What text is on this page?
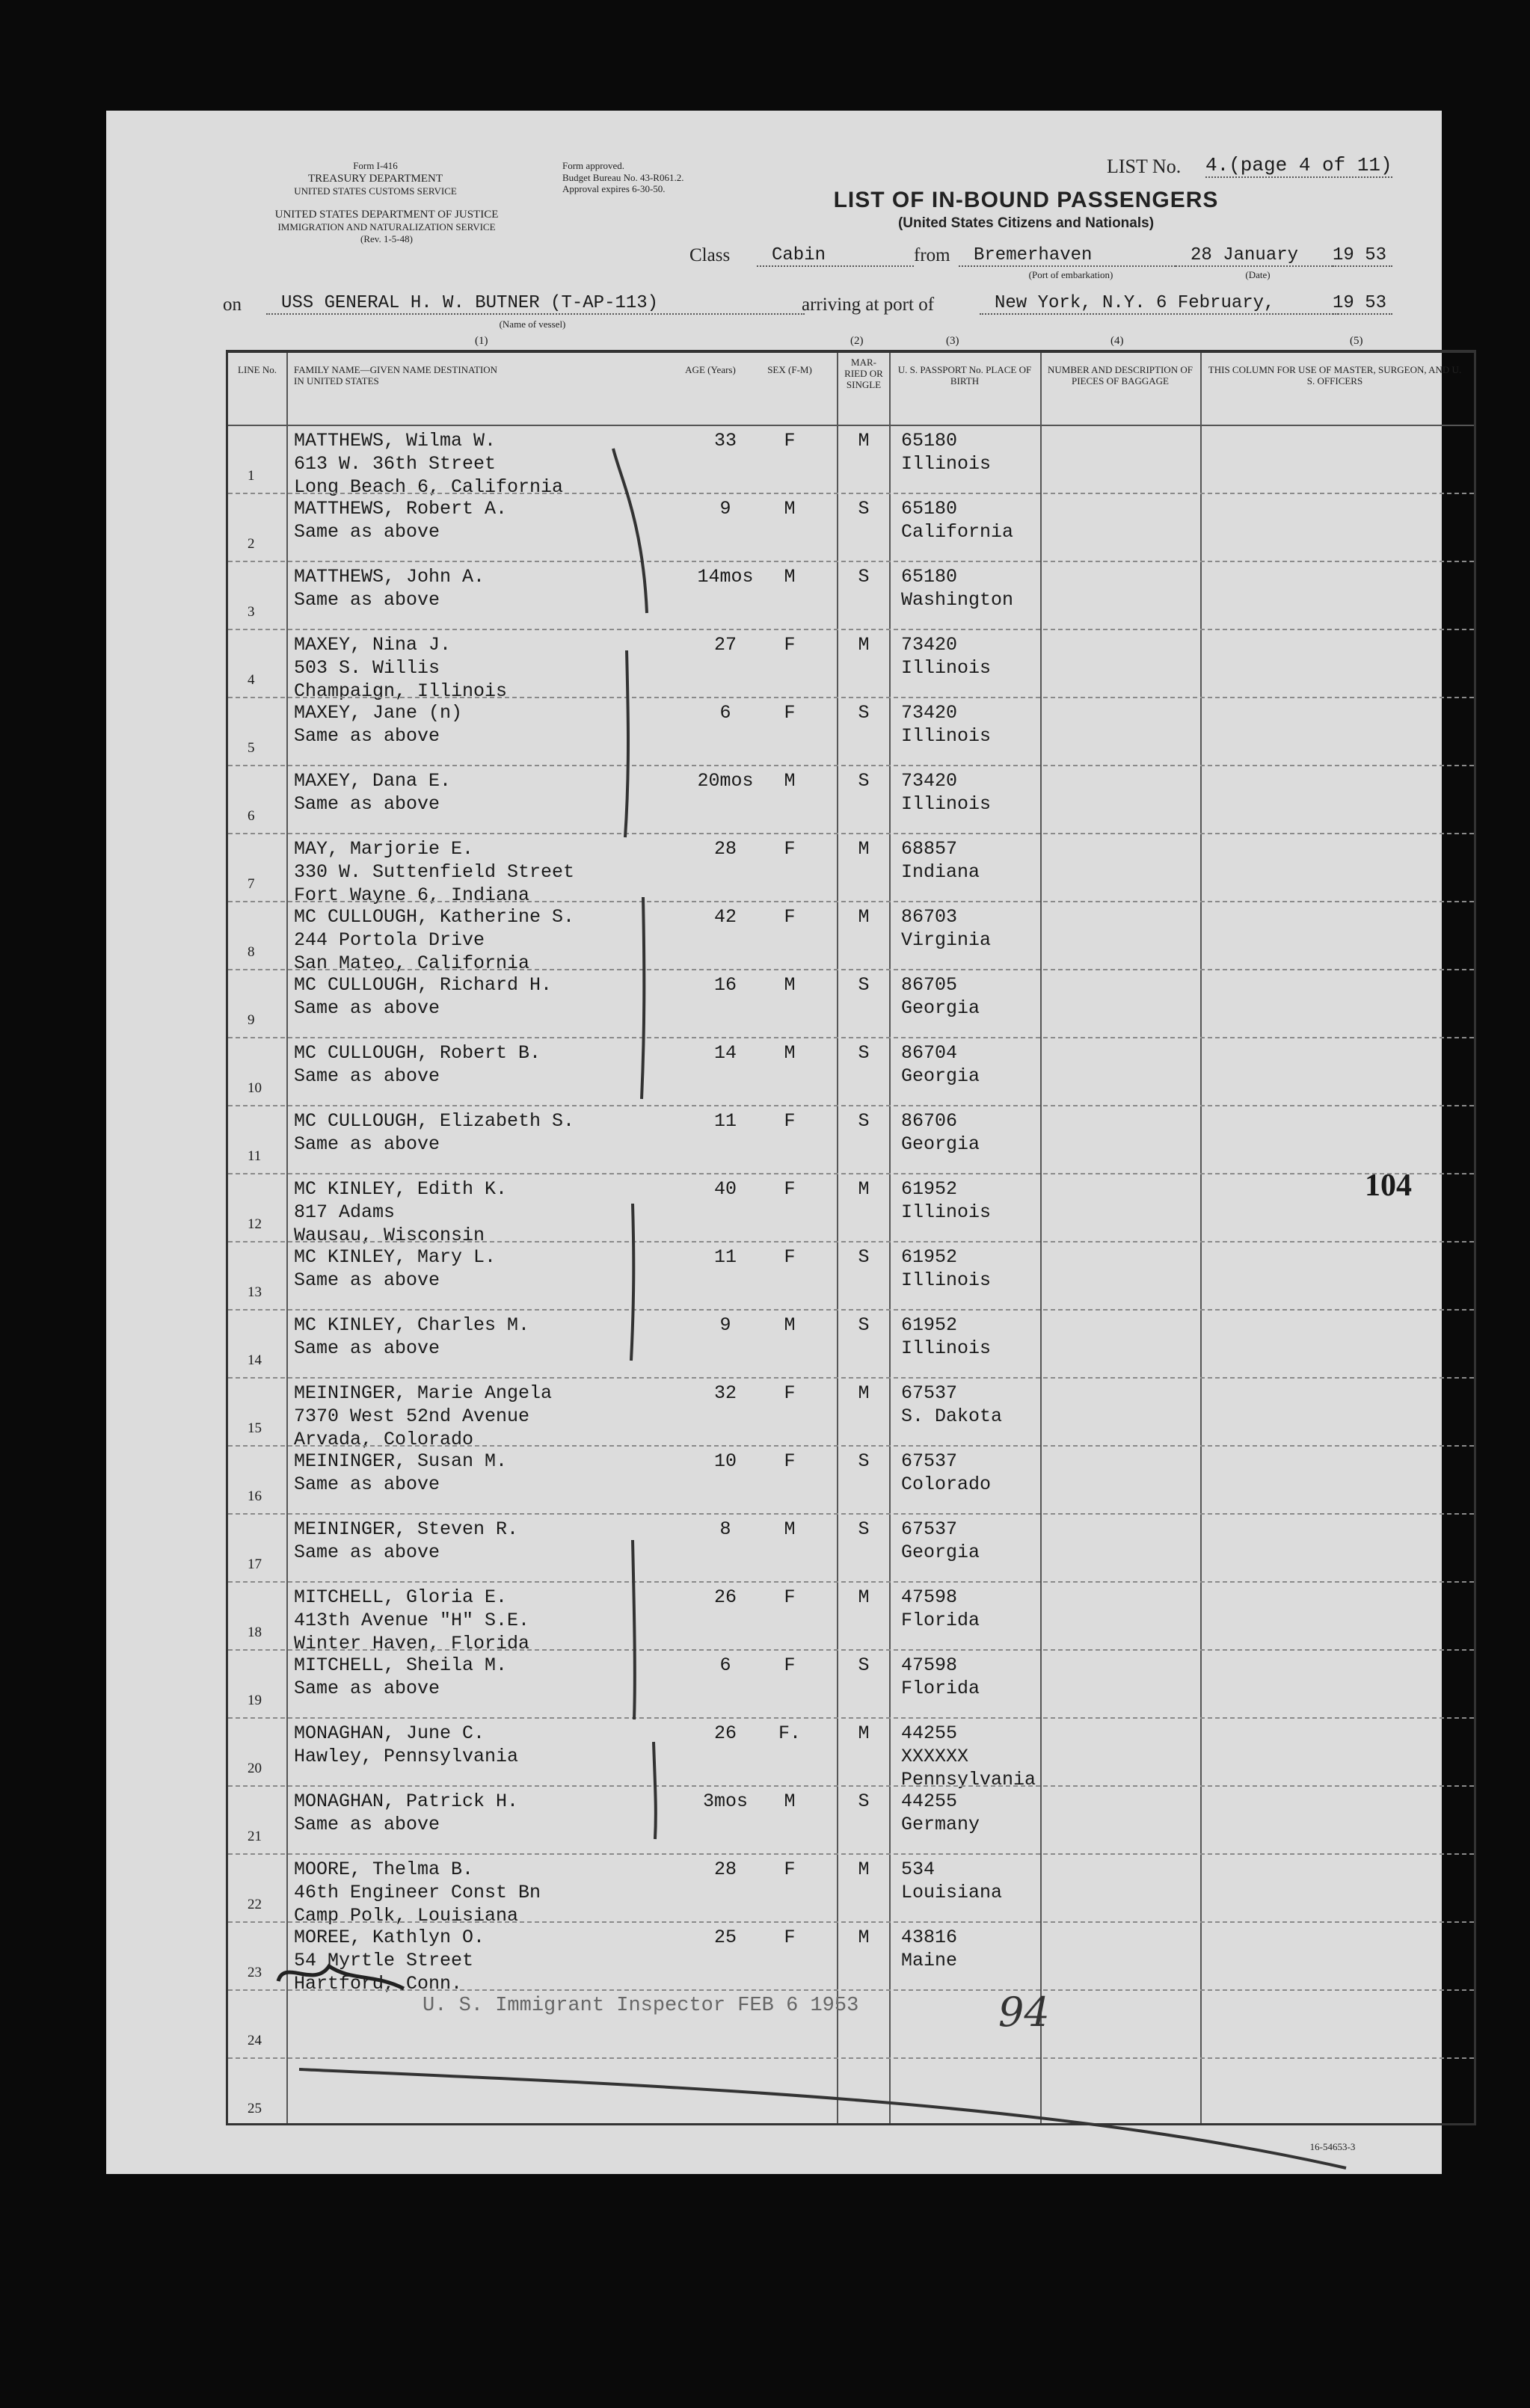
Form I-416
TREASURY DEPARTMENT
UNITED STATES CUSTOMS SERVICE
UNITED STATES DEPARTMENT OF JUSTICE
IMMIGRATION AND NATURALIZATION SERVICE
(Rev. 1-5-48)
Form approved.
Budget Bureau No. 43-R061.2.
Approval expires 6-30-50.
LIST No. 4.(page 4 of 11)
LIST OF IN-BOUND PASSENGERS
(United States Citizens and Nationals)
Class	Cabin	from	Bremerhaven
(Port of embarkation)
28 January	19 53
(Date)
on	USS GENERAL H. W. BUTNER (T-AP-113)
(Name of vessel)
arriving at port of	New York, N.Y. 6 February,	19 53
(1)	(2)	(3)	(4)	(5)
LINE No.	FAMILY NAME—GIVEN NAME DESTINATION IN UNITED STATES
AGE (Years)	SEX (F-M)
MAR-RIED OR SINGLE
U. S. PASSPORT No. PLACE OF BIRTH
NUMBER AND DESCRIPTION OF PIECES OF BAGGAGE
THIS COLUMN FOR USE OF MASTER, SURGEON, AND U. S. OFFICERS
1
MATTHEWS, Wilma W.
613 W. 36th Street
Long Beach 6, California
33	F	M	65180
Illinois
2
MATTHEWS, Robert A.
Same as above
9	M	S	65180
California
3
MATTHEWS, John A.
Same as above
14mos	M	S	65180
Washington
4
MAXEY, Nina J.
503 S. Willis
Champaign, Illinois
27	F	M	73420
Illinois
5
MAXEY, Jane (n)
Same as above
6	F	S	73420
Illinois
6
MAXEY, Dana E.
Same as above
20mos	M	S	73420
Illinois
7
MAY, Marjorie E.
330 W. Suttenfield Street
Fort Wayne 6, Indiana
28	F	M	68857
Indiana
8
MC CULLOUGH, Katherine S.
244 Portola Drive
San Mateo, California
42	F	M	86703
Virginia
9
MC CULLOUGH, Richard H.
Same as above
16	M	S	86705
Georgia
10
MC CULLOUGH, Robert B.
Same as above
14	M	S	86704
Georgia
11
MC CULLOUGH, Elizabeth S.
Same as above
11	F	S	86706
Georgia
12
MC KINLEY, Edith K.
817 Adams
Wausau, Wisconsin
40	F	M	61952
Illinois
13
MC KINLEY, Mary L.
Same as above
11	F	S	61952
Illinois
14
MC KINLEY, Charles M.
Same as above
9	M	S	61952
Illinois
15
MEININGER, Marie Angela
7370 West 52nd Avenue
Arvada, Colorado
32	F	M	67537
S. Dakota
16
MEININGER, Susan M.
Same as above
10	F	S	67537
Colorado
17
MEININGER, Steven R.
Same as above
8	M	S	67537
Georgia
18
MITCHELL, Gloria E.
413th Avenue "H" S.E.
Winter Haven, Florida
26	F	M	47598
Florida
19
MITCHELL, Sheila M.
Same as above
6	F	S	47598
Florida
20
MONAGHAN, June C.
Hawley, Pennsylvania
26	F.	M	44255
XXXXXX
Pennsylvania
21
MONAGHAN, Patrick H.
Same as above
3mos	M	S	44255
Germany
22
MOORE, Thelma B.
46th Engineer Const Bn
Camp Polk, Louisiana
28	F	M	534
Louisiana
23
MOREE, Kathlyn O.
54 Myrtle Street
Hartford, Conn.
25	F	M	43816
Maine
24
25
104
U. S. Immigrant Inspector FEB 6 1953	94
16-54653-3
